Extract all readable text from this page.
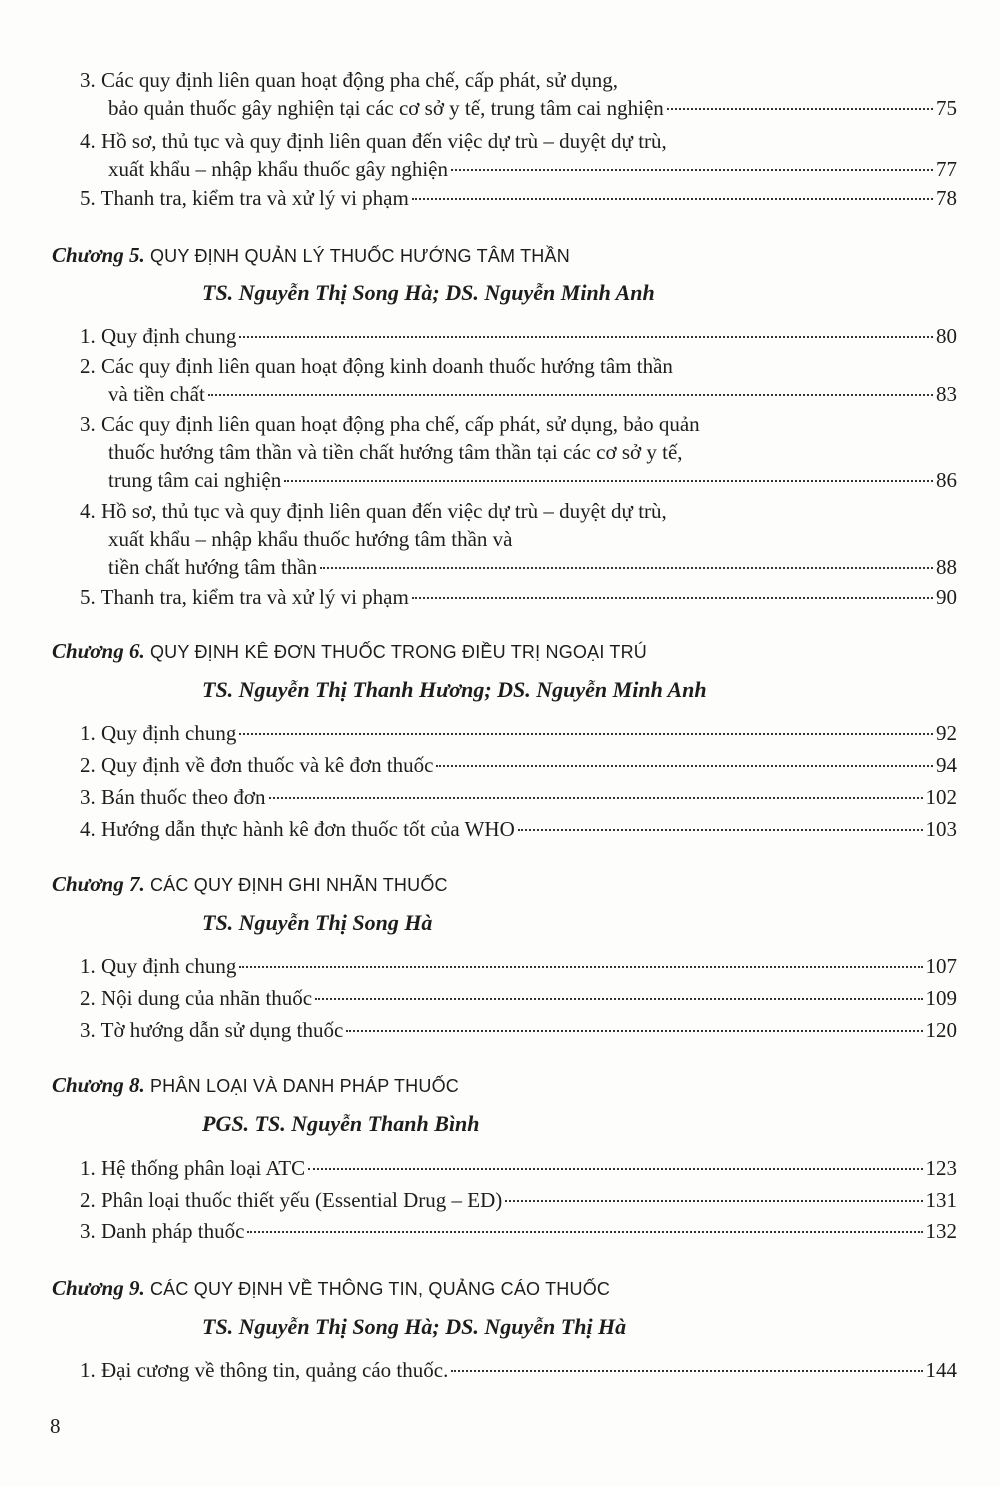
3. Các quy định liên quan hoạt động pha chế, cấp phát, sử dụng,
bảo quản thuốc gây nghiện tại các cơ sở y tế, trung tâm cai nghiện	75
4. Hồ sơ, thủ tục và quy định liên quan đến việc dự trù – duyệt dự trù,
xuất khẩu – nhập khẩu thuốc gây nghiện	77
5. Thanh tra, kiểm tra và xử lý vi phạm	78
Chương 5. QUY ĐỊNH QUẢN LÝ THUỐC HƯỚNG TÂM THẦN
TS. Nguyễn Thị Song Hà; DS. Nguyễn Minh Anh
1. Quy định chung	80
2. Các quy định liên quan hoạt động kinh doanh thuốc hướng tâm thần
và tiền chất	83
3. Các quy định liên quan hoạt động pha chế, cấp phát, sử dụng, bảo quản
thuốc hướng tâm thần và tiền chất hướng tâm thần tại các cơ sở y tế,
trung tâm cai nghiện	86
4. Hồ sơ, thủ tục và quy định liên quan đến việc dự trù – duyệt dự trù,
xuất khẩu – nhập khẩu thuốc hướng tâm thần và
tiền chất hướng tâm thần	88
5. Thanh tra, kiểm tra và xử lý vi phạm	90
Chương 6. QUY ĐỊNH KÊ ĐƠN THUỐC TRONG ĐIỀU TRỊ NGOẠI TRÚ
TS. Nguyễn Thị Thanh Hương; DS. Nguyễn Minh Anh
1. Quy định chung	92
2. Quy định về đơn thuốc và kê đơn thuốc	94
3. Bán thuốc theo đơn	102
4. Hướng dẫn thực hành kê đơn thuốc tốt của WHO	103
Chương 7. CÁC QUY ĐỊNH GHI NHÃN THUỐC
TS. Nguyễn Thị Song Hà
1. Quy định chung	107
2. Nội dung của nhãn thuốc	109
3. Tờ hướng dẫn sử dụng thuốc	120
Chương 8. PHÂN LOẠI VÀ DANH PHÁP THUỐC
PGS. TS. Nguyễn Thanh Bình
1. Hệ thống phân loại ATC	123
2. Phân loại thuốc thiết yếu (Essential Drug – ED)	131
3. Danh pháp thuốc	132
Chương 9. CÁC QUY ĐỊNH VỀ THÔNG TIN, QUẢNG CÁO THUỐC
TS. Nguyễn Thị Song Hà; DS. Nguyễn Thị Hà
1. Đại cương về thông tin, quảng cáo thuốc.	144
8
